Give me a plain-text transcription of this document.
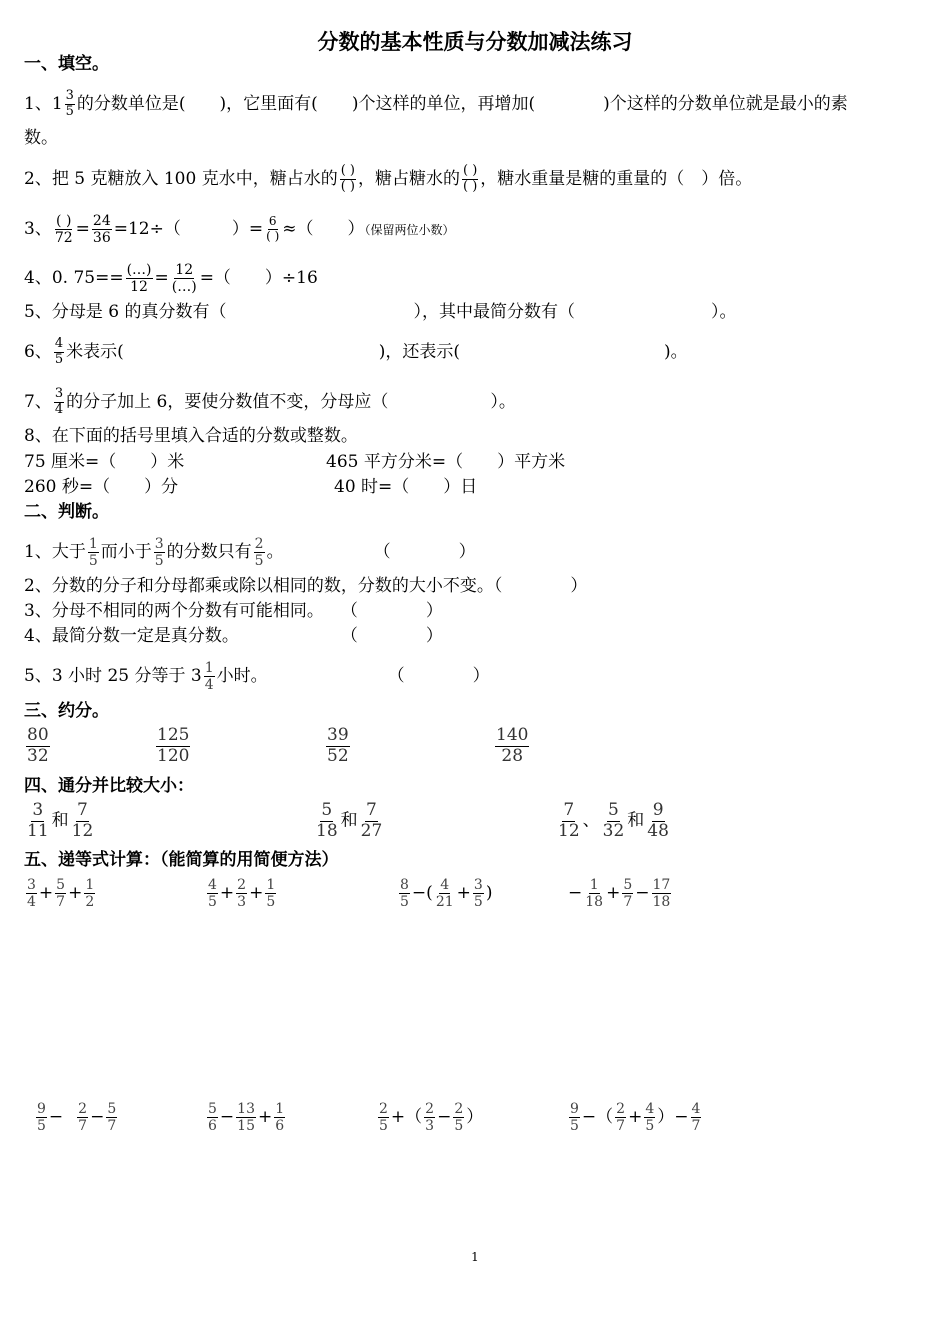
分数的基本性质与分数加减法练习
一、填空。
1、$1 \frac{3}{5}$ 的分数单位是(　　)，它里面有(　　)个这样的单位，再增加(　　　　)个这样的分数单位就是最小的素
数。
2、把 5 克糖放入 100 克水中，糖占水的 $\frac{( )}{( )}$ ，糖占糖水的 $\frac{( )}{( )}$ ，糖水重量是糖的重量的（　）倍。
3、 $\frac{( )}{72} = \frac{24}{36} =12\div$（　　　）= $\frac{6}{( )}$ ≈（　　）（保留两位小数）
4、0. $75== \frac{(\dots)}{12} = \frac{12}{(\dots)}$ =（　　）÷16
5、分母是 6 的真分数有（　　　　　　　　　　　），其中最简分数有（　　　　　　　　）。
6、 $\frac{4}{5}$ 米表示(　　　　　　　　　　　　　　　)，还表示(　　　　　　　　　　　　)。
7、 $\frac{3}{4}$ 的分子加上 6，要使分数值不变，分母应（　　　　　　）。
8、在下面的括号里填入合适的分数或整数。
75 厘米=（　　）米	465 平方分米=（　　）平方米
260 秒=（　　）分	40 时=（　　）日
二、判断。
1、大于 $\frac{1}{5}$ 而小于 $\frac{3}{5}$ 的分数只有 $\frac{2}{5}$ 。	（　　　　）
2、分数的分子和分母都乘或除以相同的数，分数的大小不变。（　　　　）
3、分母不相同的两个分数有可能相同。　　（　　　　）
4、最简分数一定是真分数。　　　　　　　（　　　　）
5、3 小时 25 分等于 $3 \frac{1}{4}$ 小时。	（　　　　）
三、约分。
$\frac{80}{32}$	$\frac{125}{120}$	$\frac{39}{52}$	$\frac{140}{28}$
四、通分并比较大小：
$\frac{3}{11}$ 和 $\frac{7}{12}$	$\frac{5}{18}$ 和 $\frac{7}{27}$	$\frac{7}{12}$ 、 $\frac{5}{32}$ 和 $\frac{9}{48}$
五、递等式计算：（能简算的用简便方法）
$\frac{3}{4} + \frac{5}{7} + \frac{1}{2}$	$\frac{4}{5} + \frac{2}{3} + \frac{1}{5}$	$\frac{8}{5}$ −( $\frac{4}{21} + \frac{3}{5}$ )	− $\frac{1}{18} + \frac{5}{7} - \frac{17}{18}$
$\frac{9}{5} - \frac{2}{7} - \frac{5}{7}$	$\frac{5}{6} - \frac{13}{15} + \frac{1}{6}$	$\frac{2}{5}$ +（ $\frac{2}{3} - \frac{2}{5}$ ）	$\frac{9}{5}$ −（ $\frac{2}{7} + \frac{4}{5}$ ）− $\frac{4}{7}$
1
